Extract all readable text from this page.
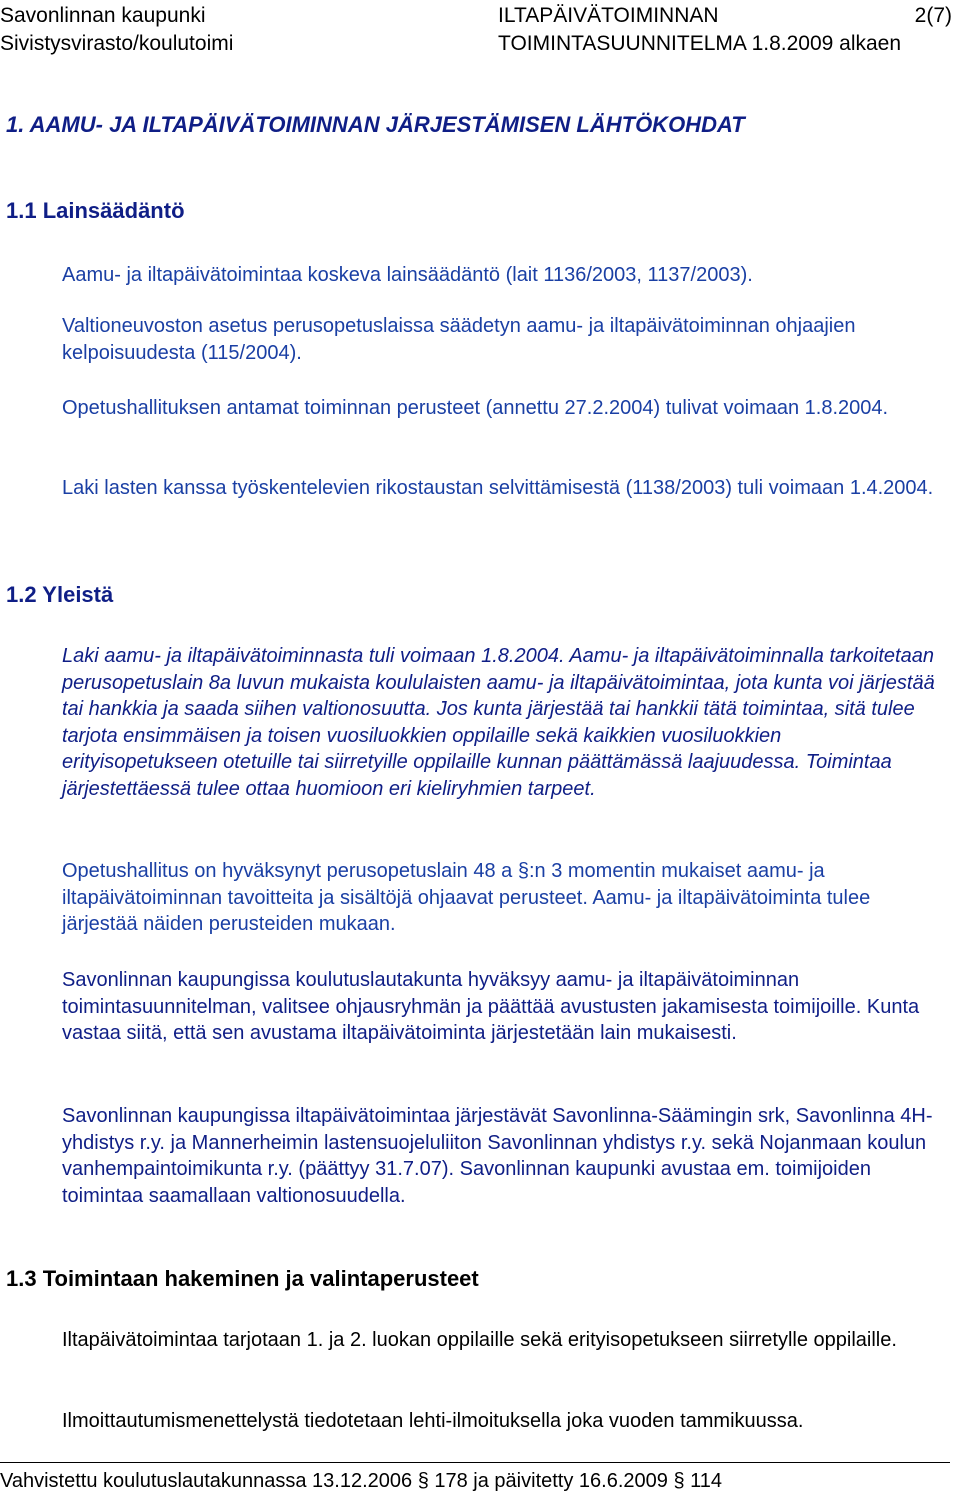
Savonlinnan kaupunki
Sivistysvirasto/koulutoimi
ILTAPÄIVÄTOIMINNAN
TOIMINTASUUNNITELMA 1.8.2009 alkaen
2(7)
1. AAMU- JA ILTAPÄIVÄTOIMINNAN JÄRJESTÄMISEN LÄHTÖKOHDAT
1.1 Lainsäädäntö

Aamu- ja iltapäivätoimintaa koskeva lainsäädäntö (lait 1136/2003, 1137/2003).

Valtioneuvoston asetus perusopetuslaissa säädetyn aamu- ja iltapäivätoiminnan ohjaajien kelpoisuudesta (115/2004).

Opetushallituksen antamat toiminnan perusteet (annettu 27.2.2004) tulivat voimaan 1.8.2004.

Laki lasten kanssa työskentelevien rikostaustan selvittämisestä (1138/2003) tuli voimaan 1.4.2004.

1.2 Yleistä

Laki aamu- ja iltapäivätoiminnasta tuli voimaan 1.8.2004. Aamu- ja iltapäivätoiminnalla tarkoitetaan perusopetuslain 8a luvun mukaista koululaisten aamu- ja iltapäivätoimintaa, jota kunta voi järjestää tai hankkia ja saada siihen valtionosuutta. Jos kunta järjestää tai hankkii tätä toimintaa, sitä tulee tarjota ensimmäisen ja toisen vuosiluokkien oppilaille sekä kaikkien vuosiluokkien erityisopetukseen otetuille tai siirretyille oppilaille kunnan päättämässä laajuudessa. Toimintaa järjestettäessä tulee ottaa huomioon eri kieliryhmien tarpeet.

Opetushallitus on hyväksynyt perusopetuslain 48 a §:n 3 momentin mukaiset aamu- ja iltapäivätoiminnan tavoitteita ja sisältöjä ohjaavat perusteet. Aamu- ja iltapäivätoiminta tulee järjestää näiden perusteiden mukaan.

Savonlinnan kaupungissa koulutuslautakunta hyväksyy aamu- ja iltapäivätoiminnan toimintasuunnitelman, valitsee ohjausryhmän ja päättää avustusten jakamisesta toimijoille. Kunta vastaa siitä, että sen avustama iltapäivätoiminta järjestetään lain mukaisesti.

Savonlinnan kaupungissa iltapäivätoimintaa järjestävät Savonlinna-Säämingin srk, Savonlinna 4H-yhdistys r.y. ja Mannerheimin lastensuojeluliiton Savonlinnan yhdistys r.y. sekä Nojanmaan koulun vanhempaintoimikunta r.y. (päättyy 31.7.07). Savonlinnan kaupunki avustaa em. toimijoiden toimintaa saamallaan valtionosuudella.

1.3 Toimintaan hakeminen ja valintaperusteet

Iltapäivätoimintaa tarjotaan 1. ja 2. luokan oppilaille sekä erityisopetukseen siirretylle oppilaille.

Ilmoittautumismenettelystä tiedotetaan lehti-ilmoituksella joka vuoden tammikuussa.

Vahvistettu koulutuslautakunnassa 13.12.2006 § 178 ja päivitetty 16.6.2009 § 114
